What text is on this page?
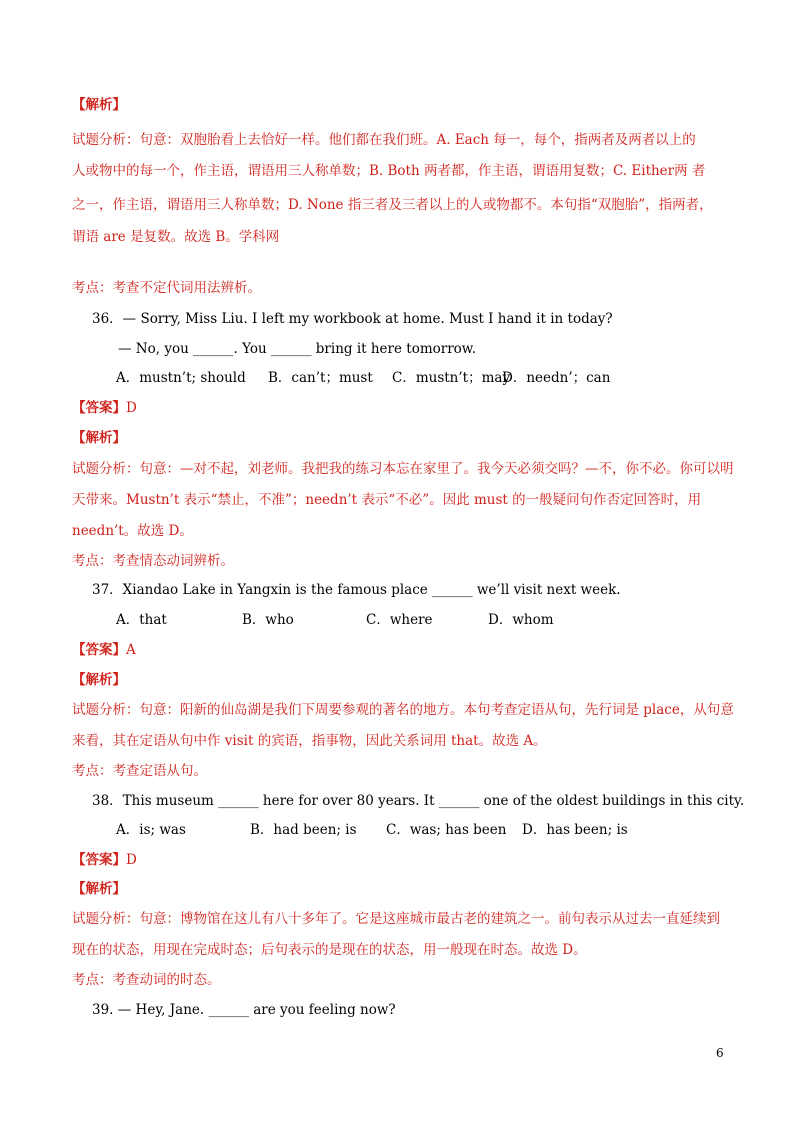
【解析】
试题分析：句意：双胞胎看上去恰好一样。他们都在我们班。A. Each 每一，每个，指两者及两者以上的
人或物中的每一个，作主语，谓语用三人称单数；B. Both 两者都，作主语，谓语用复数；C. Either两 者
之一，作主语，谓语用三人称单数；D. None 指三者及三者以上的人或物都不。本句指“双胞胎”，指两者，
谓语 are 是复数。故选 B。学科网
考点：考查不定代词用法辨析。
36．— Sorry, Miss Liu. I left my workbook at home. Must I hand it in today?
— No, you ______. You ______ bring it here tomorrow.
A．mustn’t; should B．can’t；must C．mustn’t；may
D．needn’；can
【答案】D
【解析】
试题分析：句意：—对不起，刘老师。我把我的练习本忘在家里了。我今天必须交吗？—不，你不必。你可以明
天带来。Mustn’t 表示“禁止，不准”；needn’t 表示“不必”。因此 must 的一般疑问句作否定回答时，用
needn’t。故选 D。
考点：考查情态动词辨析。
37．Xiandao Lake in Yangxin is the famous place ______ we’ll visit next week.
A．that	B．who	C．where	D．whom
【答案】A
【解析】
试题分析：句意：阳新的仙岛湖是我们下周要参观的著名的地方。本句考查定语从句，先行词是 place，从句意
来看，其在定语从句中作 visit 的宾语，指事物，因此关系词用 that。故选 A。
考点：考查定语从句。
38．This museum ______ here for over 80 years. It ______ one of the oldest buildings in this city.
A．is; was	B．had been; is C．was; has been D．has been; is
【答案】D
【解析】
试题分析：句意：博物馆在这儿有八十多年了。它是这座城市最古老的建筑之一。前句表示从过去一直延续到
现在的状态，用现在完成时态；后句表示的是现在的状态，用一般现在时态。故选 D。
考点：考查动词的时态。
39. — Hey, Jane. ______ are you feeling now?
6
